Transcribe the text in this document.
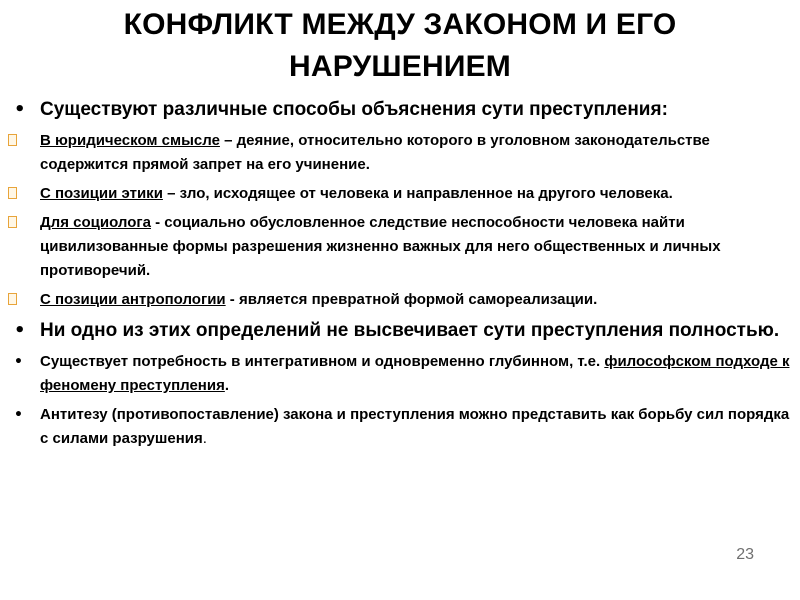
КОНФЛИКТ МЕЖДУ ЗАКОНОМ И ЕГО
НАРУШЕНИЕМ
• Существуют различные способы объяснения сути преступления:
В юридическом смысле – деяние, относительно которого в уголовном законодательстве содержится прямой запрет на его учинение.
С позиции этики – зло, исходящее от человека и направленное на другого человека.
Для социолога - социально обусловленное следствие неспособности человека найти цивилизованные формы разрешения жизненно важных для него общественных и личных противоречий.
С позиции антропологии - является превратной формой самореализации.
• Ни одно из этих определений не высвечивает сути преступления полностью.
• Существует потребность в интегративном и одновременно глубинном, т.е. философском подходе к феномену преступления.
• Антитезу (противопоставление) закона и преступления можно представить как борьбу сил порядка с силами разрушения.
23
